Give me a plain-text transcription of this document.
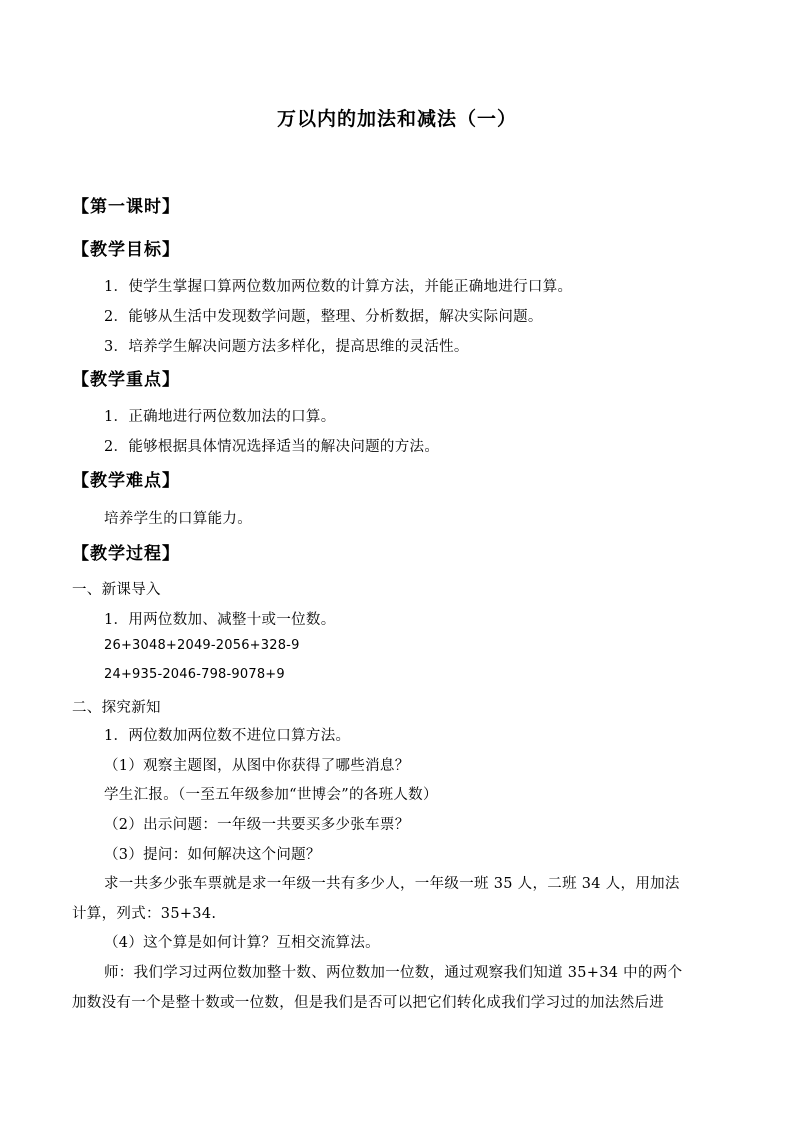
万以内的加法和减法（一）
【第一课时】
【教学目标】
1．使学生掌握口算两位数加两位数的计算方法，并能正确地进行口算。
2．能够从生活中发现数学问题，整理、分析数据，解决实际问题。
3．培养学生解决问题方法多样化，提高思维的灵活性。
【教学重点】
1．正确地进行两位数加法的口算。
2．能够根据具体情况选择适当的解决问题的方法。
【教学难点】
培养学生的口算能力。
【教学过程】
一、新课导入
1．用两位数加、减整十或一位数。
26+3048+2049-2056+328-9
24+935-2046-798-9078+9
二、探究新知
1．两位数加两位数不进位口算方法。
（1）观察主题图，从图中你获得了哪些消息？
学生汇报。（一至五年级参加“世博会”的各班人数）
（2）出示问题：一年级一共要买多少张车票？
（3）提问：如何解决这个问题？
求一共多少张车票就是求一年级一共有多少人，一年级一班 35 人，二班 34 人，用加法
计算，列式：35+34.
（4）这个算是如何计算？互相交流算法。
师：我们学习过两位数加整十数、两位数加一位数，通过观察我们知道 35+34 中的两个
加数没有一个是整十数或一位数，但是我们是否可以把它们转化成我们学习过的加法然后进
